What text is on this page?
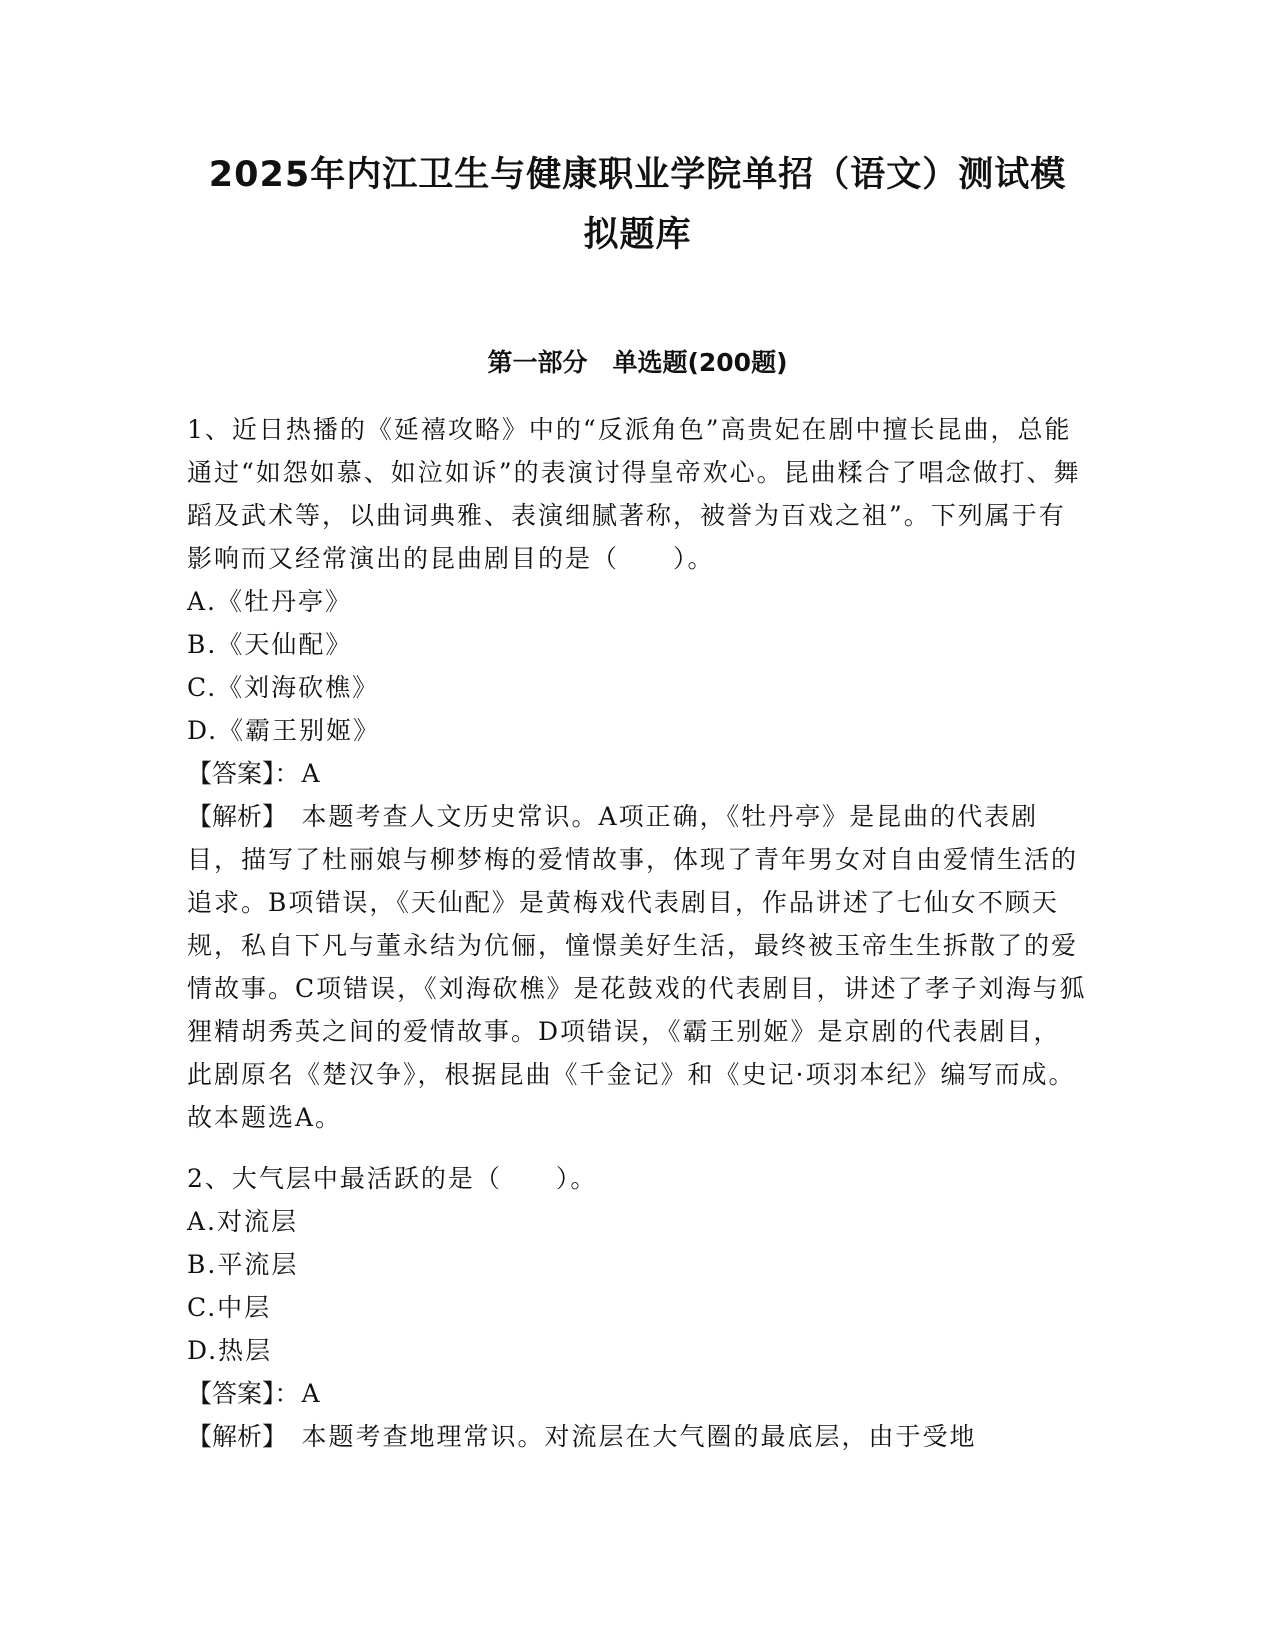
2025年内江卫生与健康职业学院单招（语文）测试模
拟题库
第一部分　单选题(200题)

1、近日热播的《延禧攻略》中的“反派角色”高贵妃在剧中擅长昆曲，总能通过“如怨如慕、如泣如诉”的表演讨得皇帝欢心。昆曲糅合了唱念做打、舞蹈及武术等，以曲词典雅、表演细腻著称，被誉为百戏之祖”。下列属于有影响而又经常演出的昆曲剧目的是（　　）。

A.《牡丹亭》

B.《天仙配》

C.《刘海砍樵》

D.《霸王别姬》

【答案】：A

【解析】　本题考查人文历史常识。A项正确，《牡丹亭》是昆曲的代表剧目，描写了杜丽娘与柳梦梅的爱情故事，体现了青年男女对自由爱情生活的追求。B项错误，《天仙配》是黄梅戏代表剧目，作品讲述了七仙女不顾天规，私自下凡与董永结为伉俪，憧憬美好生活，最终被玉帝生生拆散了的爱情故事。C项错误，《刘海砍樵》是花鼓戏的代表剧目，讲述了孝子刘海与狐狸精胡秀英之间的爱情故事。D项错误，《霸王别姬》是京剧的代表剧目，此剧原名《楚汉争》，根据昆曲《千金记》和《史记·项羽本纪》编写而成。故本题选A。

2、大气层中最活跃的是（　　）。

A.对流层

B.平流层

C.中层

D.热层

【答案】：A

【解析】　本题考查地理常识。对流层在大气圈的最底层，由于受地
